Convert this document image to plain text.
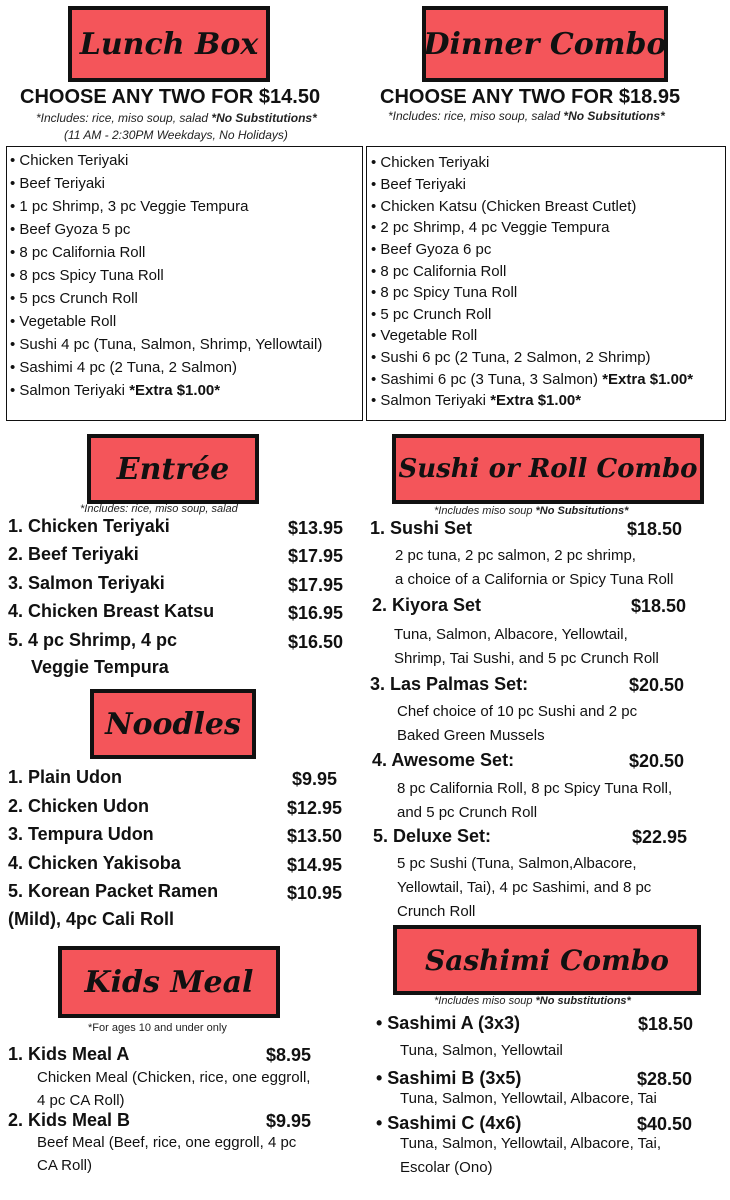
Lunch Box	Dinner Combo
Entrée	Sushi or Roll Combo
Noodles
Kids Meal
Sashimi Combo
CHOOSE ANY TWO FOR $14.50
*Includes: rice, miso soup, salad *No Substitutions*
(11 AM - 2:30PM Weekdays, No Holidays)
CHOOSE ANY TWO FOR $18.95
*Includes: rice, miso soup, salad *No Subsitutions*
• Chicken Teriyaki
• Beef Teriyaki
• 1 pc Shrimp, 3 pc Veggie Tempura
• Beef Gyoza 5 pc
• 8 pc California Roll
• 8 pcs Spicy Tuna Roll
• 5 pcs Crunch Roll
• Vegetable Roll
• Sushi 4 pc (Tuna, Salmon, Shrimp, Yellowtail)
• Sashimi 4 pc (2 Tuna, 2 Salmon)
• Salmon Teriyaki *Extra $1.00*
• Chicken Teriyaki
• Beef Teriyaki
• Chicken Katsu (Chicken Breast Cutlet)
• 2 pc Shrimp, 4 pc Veggie Tempura
• Beef Gyoza 6 pc
• 8 pc California Roll
• 8 pc Spicy Tuna Roll
• 5 pc Crunch Roll
• Vegetable Roll
• Sushi 6 pc (2 Tuna, 2 Salmon, 2 Shrimp)
• Sashimi 6 pc (3 Tuna, 3 Salmon) *Extra $1.00*
• Salmon Teriyaki *Extra $1.00*
*Includes: rice, miso soup, salad
1. Chicken Teriyaki	$13.95
2. Beef Teriyaki	$17.95
3. Salmon Teriyaki	$17.95
4. Chicken Breast Katsu	$16.95
5. 4 pc Shrimp, 4 pc	$16.50
Veggie Tempura
1. Plain Udon	$9.95
2. Chicken Udon	$12.95
3. Tempura Udon	$13.50
4. Chicken Yakisoba	$14.95
5. Korean Packet Ramen	$10.95
(Mild), 4pc Cali Roll
*For ages 10 and under only
1. Kids Meal A	$8.95
Chicken Meal (Chicken, rice, one eggroll,
4 pc CA Roll)
2. Kids Meal B	$9.95
Beef Meal (Beef, rice, one eggroll, 4 pc
CA Roll)
*Includes miso soup *No Subsitutions*
1. Sushi Set	$18.50
2 pc tuna, 2 pc salmon, 2 pc shrimp,
a choice of a California or Spicy Tuna Roll
2. Kiyora Set	$18.50
Tuna, Salmon, Albacore, Yellowtail,
Shrimp, Tai Sushi, and 5 pc Crunch Roll
3. Las Palmas Set:	$20.50
Chef choice of 10 pc Sushi and 2 pc
Baked Green Mussels
4. Awesome Set:	$20.50
8 pc California Roll, 8 pc Spicy Tuna Roll,
and 5 pc Crunch Roll
5. Deluxe Set:	$22.95
5 pc Sushi (Tuna, Salmon,Albacore,
Yellowtail, Tai), 4 pc Sashimi, and 8 pc
Crunch Roll
*Includes miso soup *No substitutions*
• Sashimi A (3x3)	$18.50
Tuna, Salmon, Yellowtail
• Sashimi B (3x5)	$28.50
Tuna, Salmon, Yellowtail, Albacore, Tai
• Sashimi C (4x6)	$40.50
Tuna, Salmon, Yellowtail, Albacore, Tai,
Escolar (Ono)
